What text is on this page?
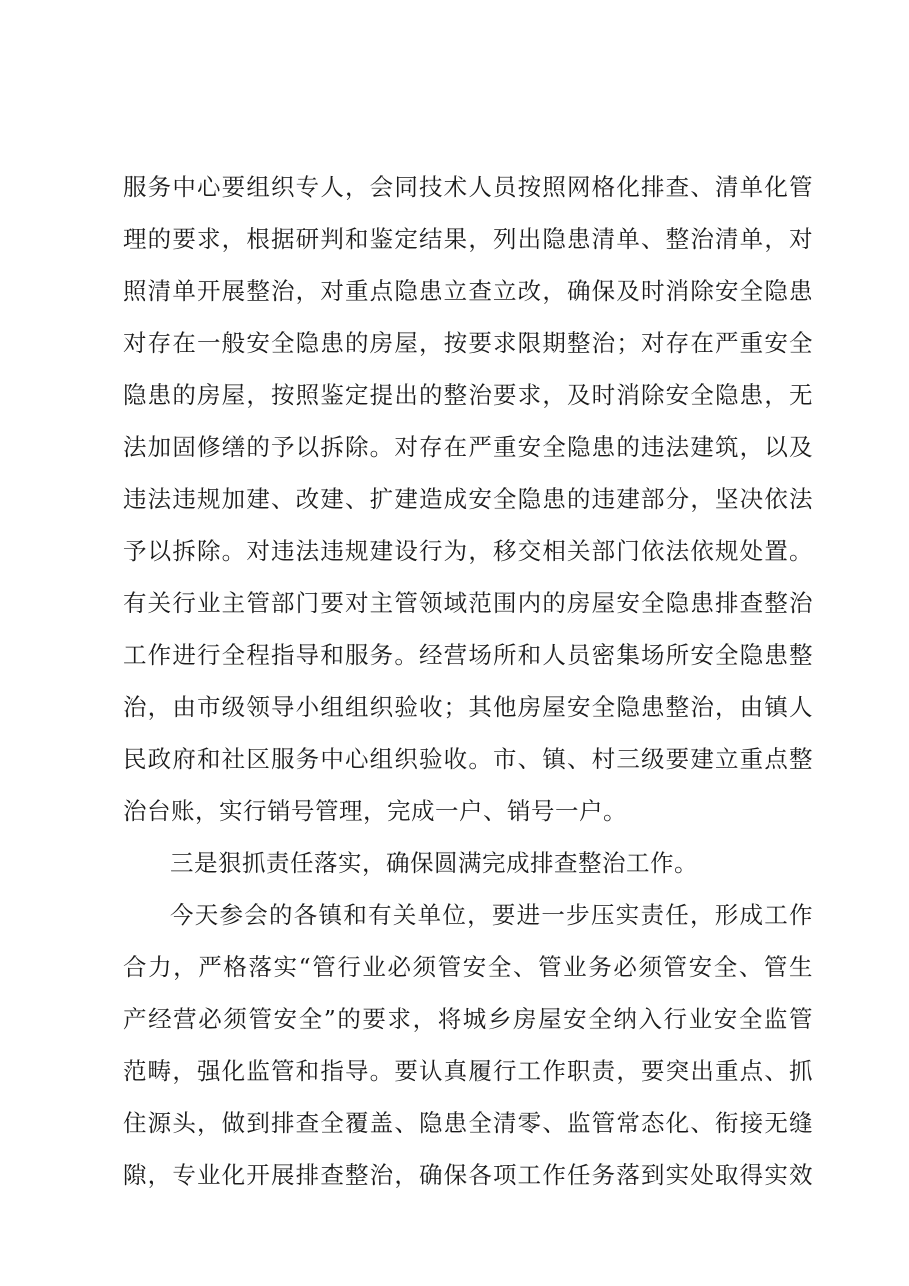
服务中心要组织专人，会同技术人员按照网格化排查、清单化管
理的要求，根据研判和鉴定结果，列出隐患清单、整治清单，对
照清单开展整治，对重点隐患立查立改，确保及时消除安全隐患
对存在一般安全隐患的房屋，按要求限期整治；对存在严重安全
隐患的房屋，按照鉴定提出的整治要求，及时消除安全隐患，无
法加固修缮的予以拆除。对存在严重安全隐患的违法建筑，以及
违法违规加建、改建、扩建造成安全隐患的违建部分，坚决依法
予以拆除。对违法违规建设行为，移交相关部门依法依规处置。
有关行业主管部门要对主管领域范围内的房屋安全隐患排查整治
工作进行全程指导和服务。经营场所和人员密集场所安全隐患整
治，由市级领导小组组织验收；其他房屋安全隐患整治，由镇人
民政府和社区服务中心组织验收。市、镇、村三级要建立重点整
治台账，实行销号管理，完成一户、销号一户。
三是狠抓责任落实，确保圆满完成排查整治工作。
今天参会的各镇和有关单位，要进一步压实责任，形成工作
合力，严格落实“管行业必须管安全、管业务必须管安全、管生
产经营必须管安全”的要求，将城乡房屋安全纳入行业安全监管
范畴，强化监管和指导。要认真履行工作职责，要突出重点、抓
住源头，做到排查全覆盖、隐患全清零、监管常态化、衔接无缝
隙，专业化开展排查整治，确保各项工作任务落到实处取得实效
